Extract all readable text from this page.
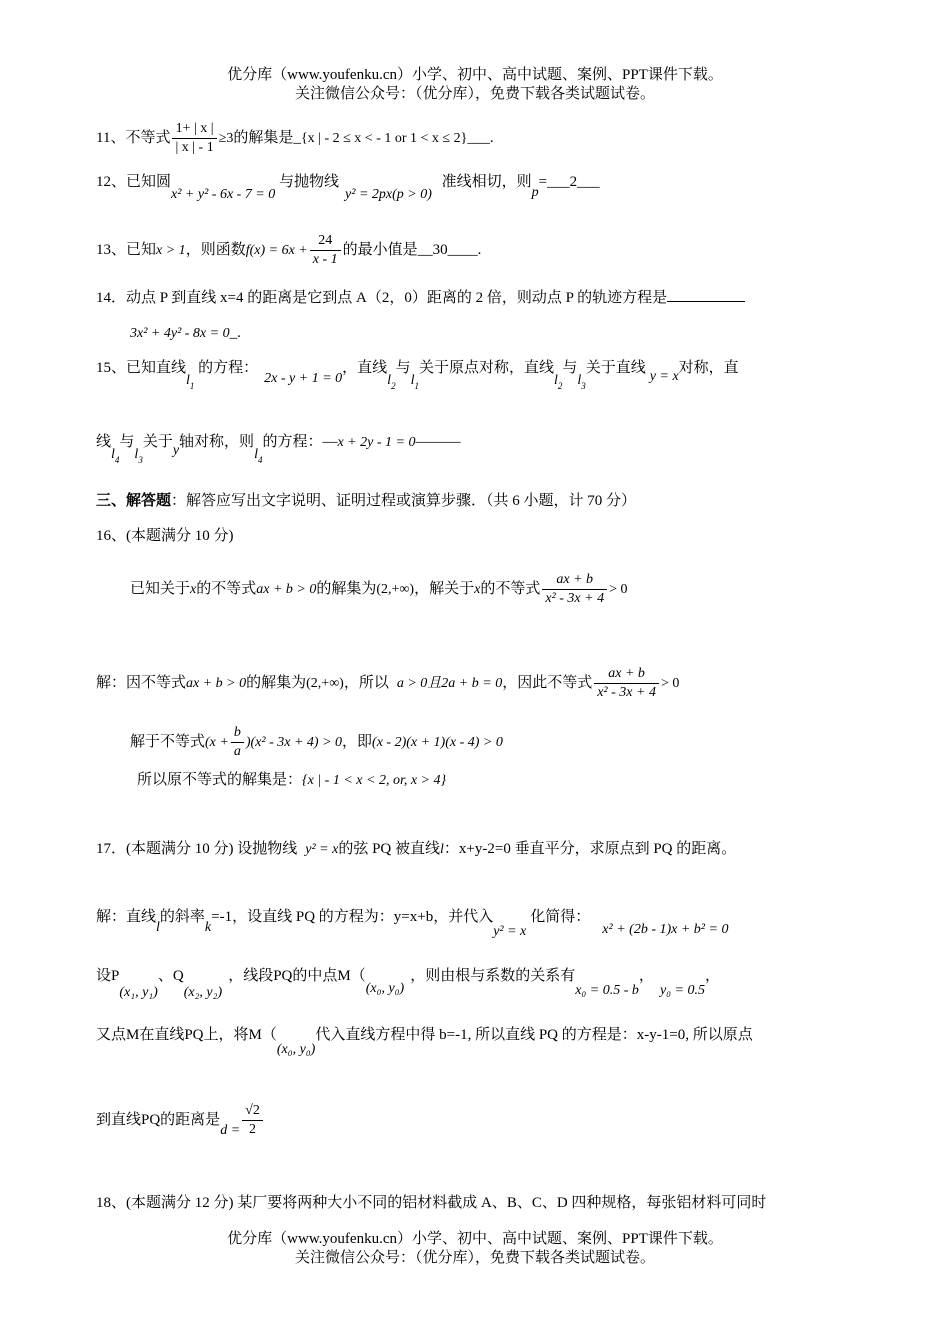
优分库（www.youfenku.cn）小学、初中、高中试题、案例、PPT课件下载。
关注微信公众号：（优分库），免费下载各类试题试卷。
11、不等式 $\frac{1+ | x |}{| x | - 1} \ge 3$的解集是_{x | - 2 ≤ x < - 1 or 1 < x ≤ 2}___.
12、已知圆x² + y² - 6x - 7 = 0 与抛物线y² = 2px(p > 0) 准线相切，则p=___2___
13、已知x > 1，则函数$f(x) = 6x + \frac{24}{x - 1}$ 的最小值是__30____.
14．动点 P 到直线 x=4 的距离是它到点 A（2，0）距离的 2 倍，则动点 P 的轨迹方程是
3x² + 4y² - 8x = 0_.
15、已知直线$l_1$ 的方程：2x - y + 1 = 0，直线$l_2$与$l_1$关于原点对称，直线$l_2$与$l_3$关于直线y = x对称，直
线$l_4$与$l_3$关于y轴对称，则$l_4$的方程：—x + 2y - 1 = 0———
三、解答题：解答应写出文字说明、证明过程或演算步骤．（共 6 小题，计 70 分）
16、(本题满分 10 分)
已知关于x的不等式ax + b > 0的解集为(2,+∞)，解关于x的不等式 $\frac{ax + b}{\text{x² - 3x + 4}} > 0$
解：因不等式ax + b > 0的解集为(2,+∞)，所以 a > 0且2a + b = 0，因此不等式 $\frac{ax + b}{\text{x² - 3x + 4}} > 0$
解于不等式$(x + \frac{b}{a} )(x^2 - 3x + 4) > 0$，即(x - 2)(x + 1)(x - 4) > 0
所以原不等式的解集是：{x | - 1 < x < 2, or, x > 4}
17．(本题满分 10 分) 设抛物线 y² = x的弦 PQ 被直线l：x+y-2=0 垂直平分，求原点到 PQ 的距离。
解：直线l的斜率k=-1，设直线 PQ 的方程为：y=x+b，并代入y² = x化简得：x² + (2b - 1)x + b² = 0
设P(x₁, y₁)、Q(x₂, y₂)，线段PQ的中点M（(x₀, y₀)，则由根与系数的关系有x₀ = 0.5 - b，y₀ = 0.5，
又点M在直线PQ上，将M（(x₀, y₀)代入直线方程中得 b=-1, 所以直线 PQ 的方程是：x-y-1=0, 所以原点
到直线PQ的距离是$d = \frac{√2}{2}$
18、(本题满分 12 分) 某厂要将两种大小不同的铝材料截成 A、B、C、D 四种规格，每张铝材料可同时
优分库（www.youfenku.cn）小学、初中、高中试题、案例、PPT课件下载。
关注微信公众号：（优分库），免费下载各类试题试卷。
